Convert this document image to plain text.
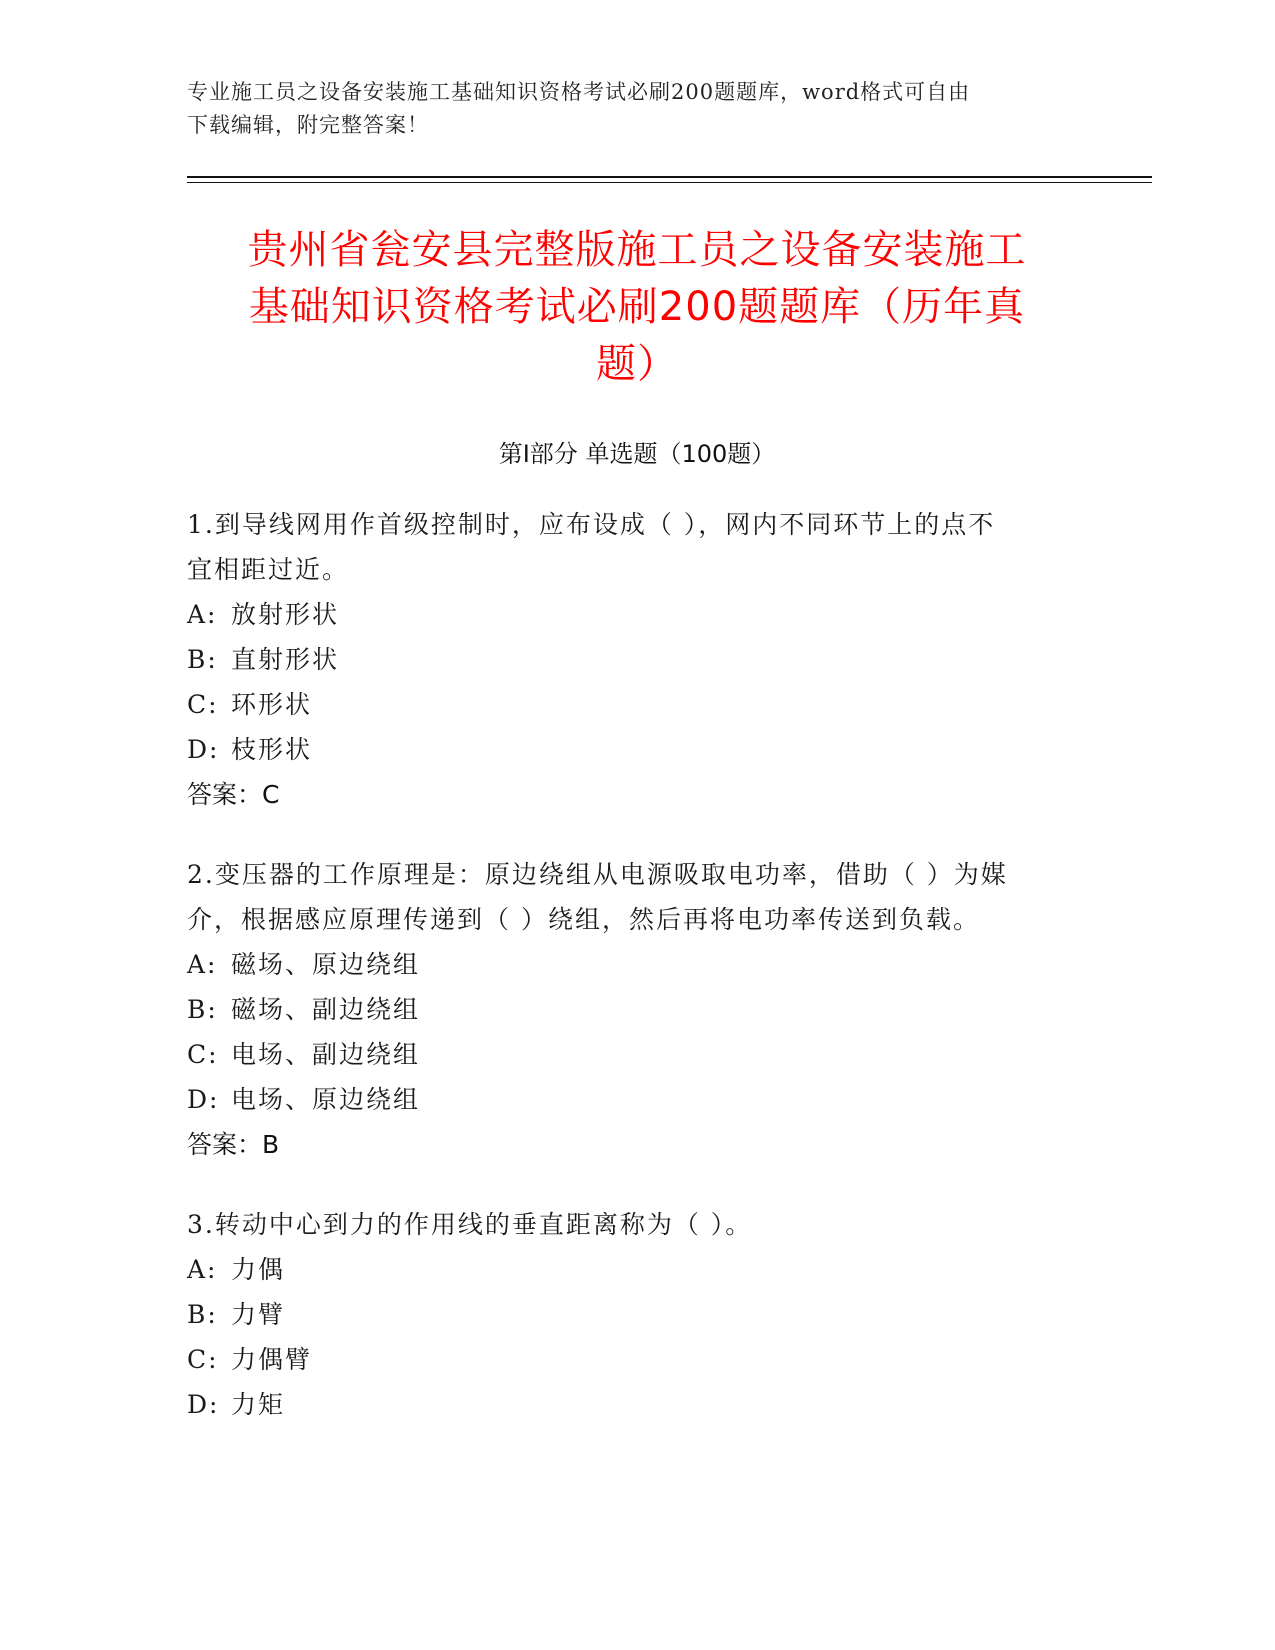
专业施工员之设备安装施工基础知识资格考试必刷200题题库，word格式可自由
下载编辑，附完整答案！
贵州省瓮安县完整版施工员之设备安装施工
基础知识资格考试必刷200题题库（历年真
题）
第Ⅰ部分 单选题（100题）

1.到导线网用作首级控制时，应布设成（ ），网内不同环节上的点不
宜相距过近。

A: 放射形状

B: 直射形状

C: 环形状

D: 枝形状

答案：C

2.变压器的工作原理是：原边绕组从电源吸取电功率，借助（ ）为媒
介，根据感应原理传递到（ ）绕组，然后再将电功率传送到负载。

A: 磁场、原边绕组

B: 磁场、副边绕组

C: 电场、副边绕组

D: 电场、原边绕组

答案：B

3.转动中心到力的作用线的垂直距离称为（ ）。

A: 力偶

B: 力臂

C: 力偶臂

D: 力矩
